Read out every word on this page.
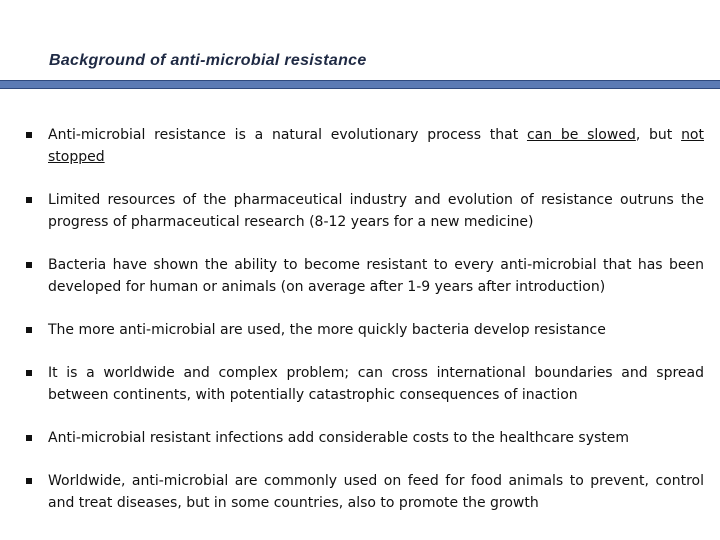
Background of anti-microbial resistance
Anti-microbial resistance is a natural evolutionary process that can be slowed, but not stopped
Limited resources of the pharmaceutical industry and evolution of resistance outruns the progress of pharmaceutical research (8-12 years for a new medicine)
Bacteria have shown the ability to become resistant to every anti-microbial that has been developed for human or animals (on average after 1-9 years after introduction)
The more anti-microbial are used, the more quickly bacteria develop resistance
It is a worldwide and complex problem; can cross international boundaries and spread between continents, with potentially catastrophic consequences of inaction
Anti-microbial resistant infections add considerable costs to the healthcare system
Worldwide, anti-microbial are commonly used on feed for food animals to prevent, control and treat diseases, but in some countries, also to promote the growth
